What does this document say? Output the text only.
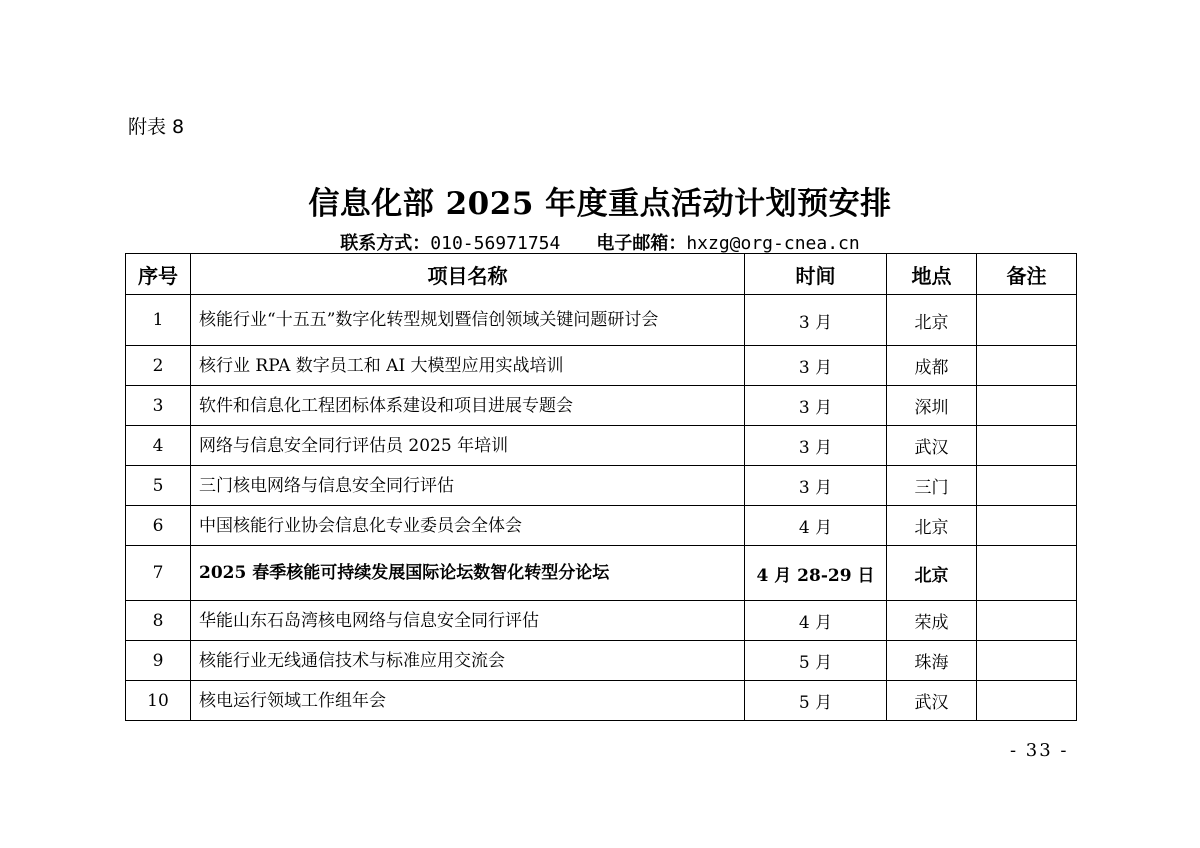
附表 8
信息化部 2025 年度重点活动计划预安排
联系方式：010-56971754 电子邮箱：hxzg@org-cnea.cn
序号	项目名称	时间	地点	备注
1	核能行业“十五五”数字化转型规划暨信创领域关键问题研讨会	3 月	北京	
2	核行业 RPA 数字员工和 AI 大模型应用实战培训	3 月	成都	
3	软件和信息化工程团标体系建设和项目进展专题会	3 月	深圳	
4	网络与信息安全同行评估员 2025 年培训	3 月	武汉	
5	三门核电网络与信息安全同行评估	3 月	三门	
6	中国核能行业协会信息化专业委员会全体会	4 月	北京	
7	2025 春季核能可持续发展国际论坛数智化转型分论坛	4 月 28-29 日	北京	
8	华能山东石岛湾核电网络与信息安全同行评估	4 月	荣成	
9	核能行业无线通信技术与标准应用交流会	5 月	珠海	
10	核电运行领域工作组年会	5 月	武汉	
- 33 -
